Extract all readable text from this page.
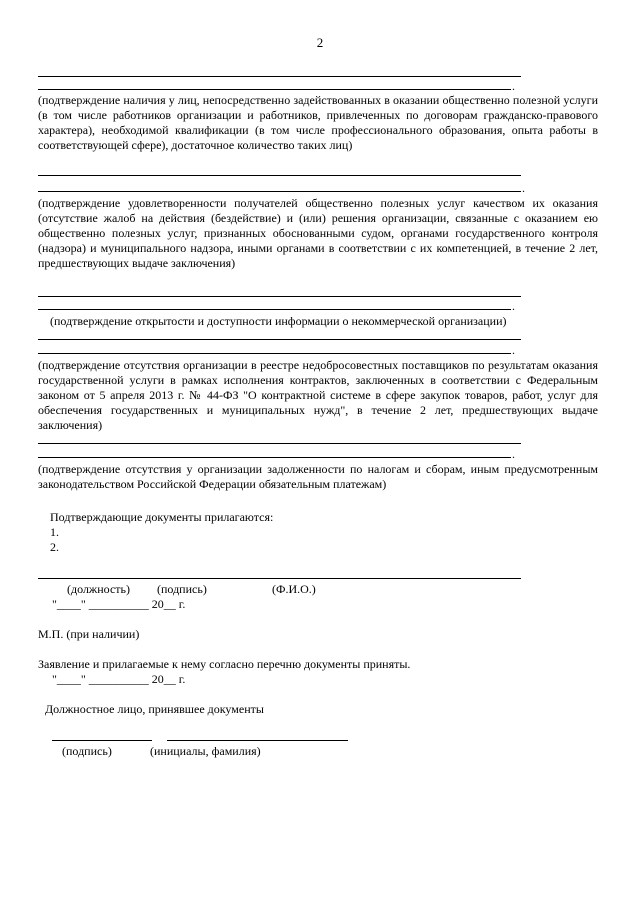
2
.

(подтверждение наличия у лиц, непосредственно задействованных в оказании общественно полезной услуги (в том числе работников организации и работников, привлеченных по договорам гражданско-правового характера), необходимой квалификации (в том числе профессионального образования, опыта работы в соответствующей сфере), достаточное количество таких лиц)

.

(подтверждение удовлетворенности получателей общественно полезных услуг качеством их оказания (отсутствие жалоб на действия (бездействие) и (или) решения организации, связанные с оказанием ею общественно полезных услуг, признанных обоснованными судом, органами государственного контроля (надзора) и муниципального надзора, иными органами в соответствии с их компетенцией, в течение 2 лет, предшествующих выдаче заключения)

.

(подтверждение открытости и доступности информации о некоммерческой организации)

.

(подтверждение отсутствия организации в реестре недобросовестных поставщиков по результатам оказания государственной услуги в рамках исполнения контрактов, заключенных в соответствии с Федеральным законом от 5 апреля 2013 г. № 44-ФЗ "О контрактной системе в сфере закупок товаров, работ, услуг для обеспечения государственных и муниципальных нужд", в течение 2 лет, предшествующих выдаче заключения)

.

(подтверждение отсутствия у организации задолженности по налогам и сборам, иным предусмотренным законодательством Российской Федерации обязательным платежам)

Подтверждающие документы прилагаются:
1.
2.
(должность) (подпись)	(Ф.И.О.)
"____" __________ 20__ г.
М.П. (при наличии)
Заявление и прилагаемые к нему согласно перечню документы приняты.
"____" __________ 20__ г.
Должностное лицо, принявшее документы
(подпись)	(инициалы, фамилия)
